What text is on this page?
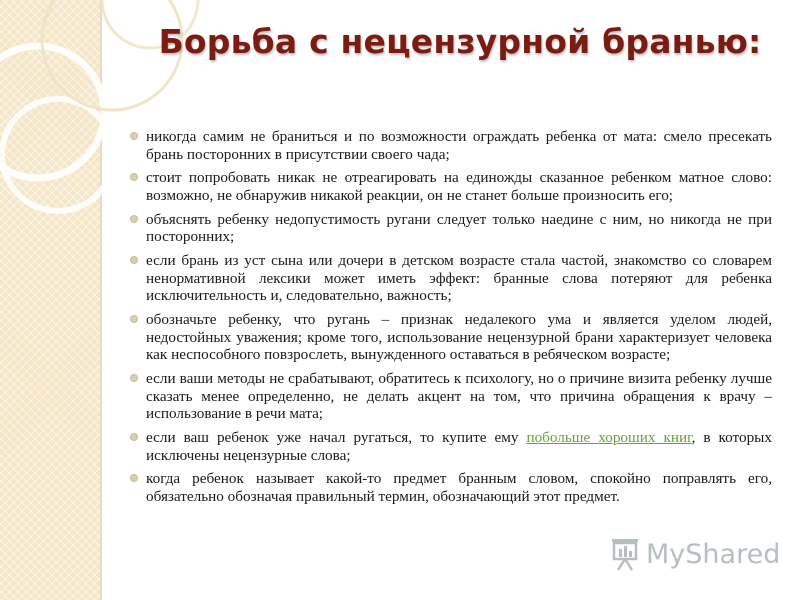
Борьба с нецензурной бранью:
никогда самим не браниться и по возможности ограждать ребенка от мата: смело пресекать брань посторонних в присутствии своего чада;
стоит попробовать никак не отреагировать на единожды сказанное ребенком матное слово: возможно, не обнаружив никакой реакции, он не станет больше произносить его;
объяснять ребенку недопустимость ругани следует только наедине с ним, но никогда не при посторонних;
если брань из уст сына или дочери в детском возрасте стала частой, знакомство со словарем ненормативной лексики может иметь эффект: бранные слова потеряют для ребенка исключительность и, следовательно, важность;
обозначьте ребенку, что ругань – признак недалекого ума и является уделом людей, недостойных уважения; кроме того, использование нецензурной брани характеризует человека как неспособного повзрослеть, вынужденного оставаться в ребяческом возрасте;
если ваши методы не срабатывают, обратитесь к психологу, но о причине визита ребенку лучше сказать менее определенно, не делать акцент на том, что причина обращения к врачу – использование в речи мата;
если ваш ребенок уже начал ругаться, то купите ему побольше хороших книг, в которых исключены нецензурные слова;
когда ребенок называет какой-то предмет бранным словом, спокойно поправлять его, обязательно обозначая правильный термин, обозначающий этот предмет.
MyShared
